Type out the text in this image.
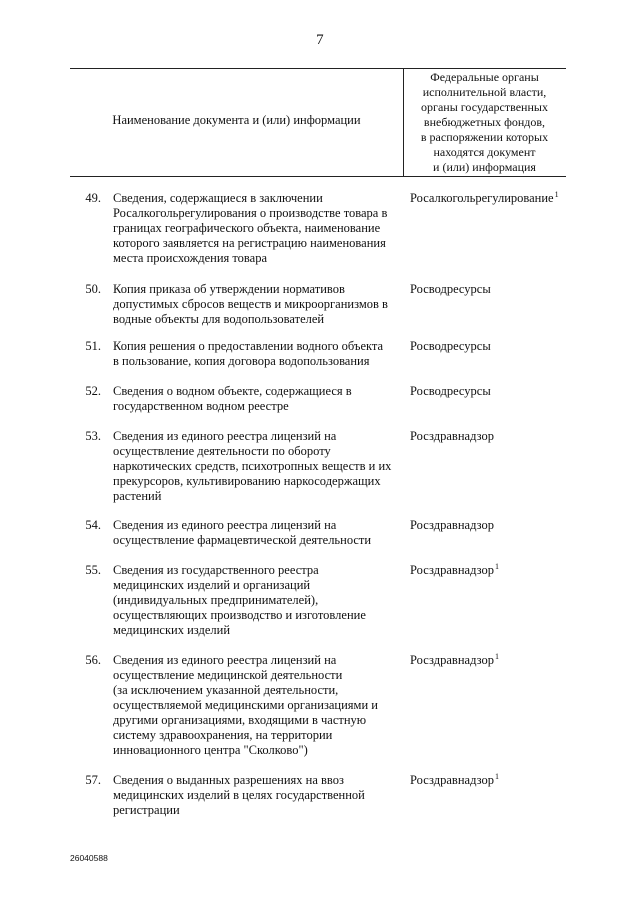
7
Наименование документа и (или) информации
Федеральные органы
исполнительной власти,
органы государственных
внебюджетных фондов,
в распоряжении которых
находятся документ
и (или) информация
49. Сведения, содержащиеся в заключении
Росалкогольрегулирования о производстве товара в
границах географического объекта, наименование
которого заявляется на регистрацию наименования
места происхождения товара
Росалкогольрегулирование$^1$
50. Копия приказа об утверждении нормативов
допустимых сбросов веществ и микроорганизмов в
водные объекты для водопользователей
Росводресурсы
51. Копия решения о предоставлении водного объекта
в пользование, копия договора водопользования
Росводресурсы
52. Сведения о водном объекте, содержащиеся в
государственном водном реестре
Росводресурсы
53. Сведения из единого реестра лицензий на
осуществление деятельности по обороту
наркотических средств, психотропных веществ и их
прекурсоров, культивированию наркосодержащих
растений
Росздравнадзор
54. Сведения из единого реестра лицензий на
осуществление фармацевтической деятельности
Росздравнадзор
55. Сведения из государственного реестра
медицинских изделий и организаций
(индивидуальных предпринимателей),
осуществляющих производство и изготовление
медицинских изделий
Росздравнадзор$^1$
56. Сведения из единого реестра лицензий на
осуществление медицинской деятельности
(за исключением указанной деятельности,
осуществляемой медицинскими организациями и
другими организациями, входящими в частную
систему здравоохранения, на территории
инновационного центра "Сколково")
Росздравнадзор$^1$
57. Сведения о выданных разрешениях на ввоз
медицинских изделий в целях государственной
регистрации
Росздравнадзор$^1$
26040588
